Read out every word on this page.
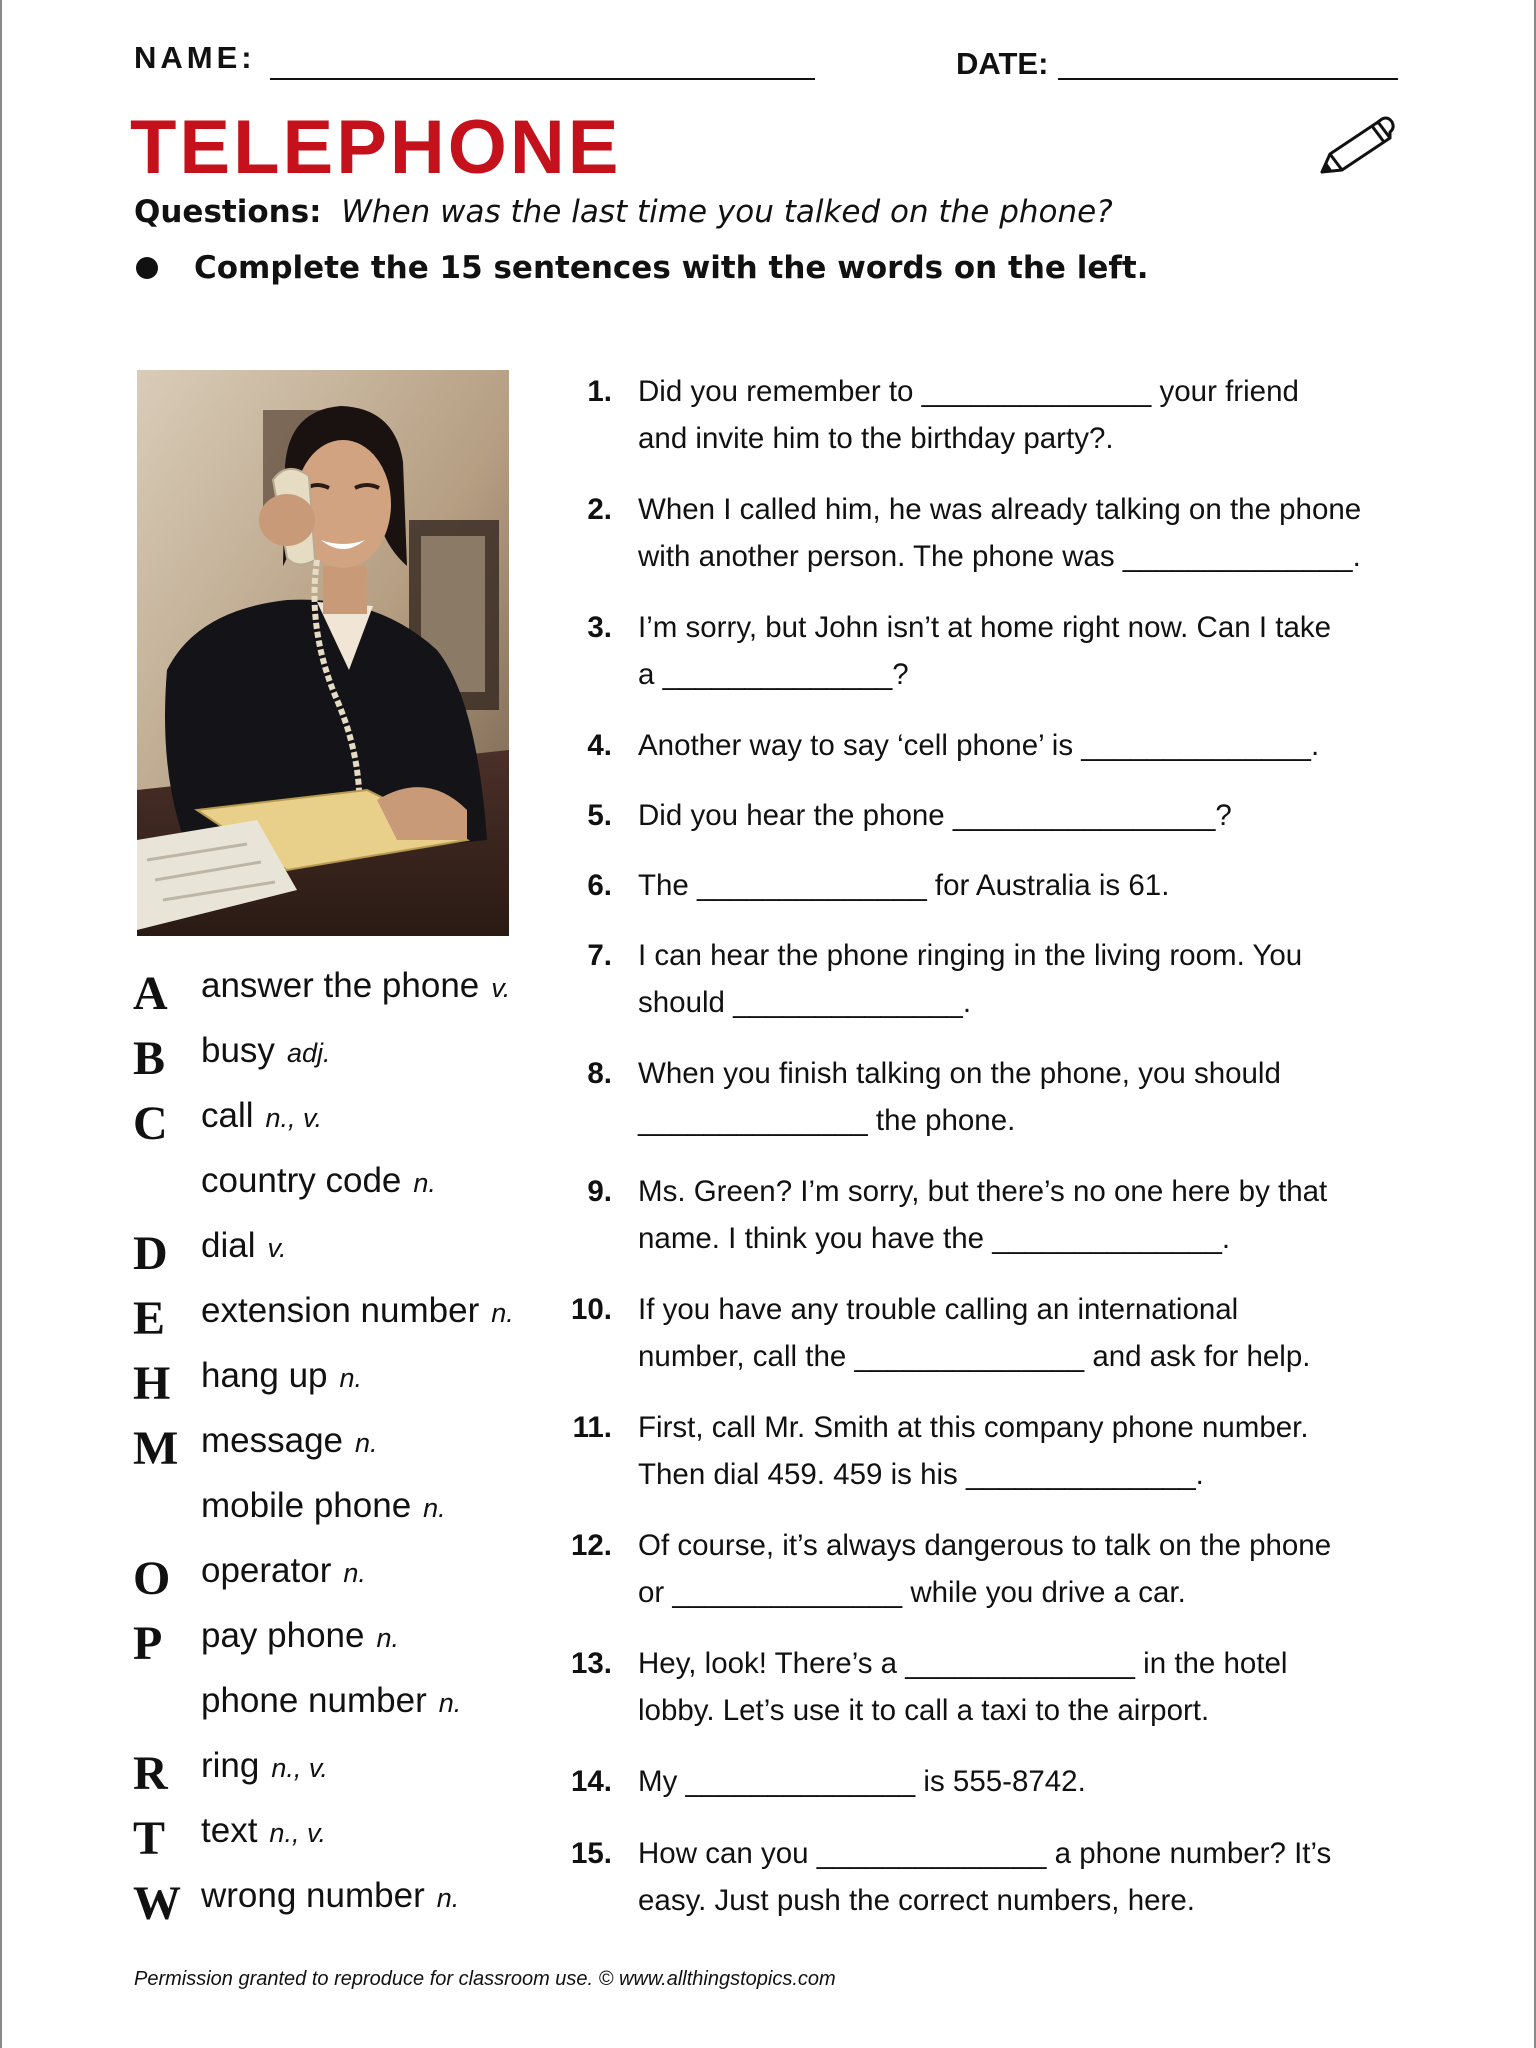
NAME:	DATE:
TELEPHONE
Questions: When was the last time you talked on the phone?
Complete the 15 sentences with the words on the left.
A answer the phone v.
B	busy adj.
C call n., v.
country code n.
D dial v.
E	extension number n.
H hang up n.
M message n.
mobile phone n.
O operator n.
P	pay phone n.
phone number n.
R ring n., v.
T	text n., v.
W wrong number n.
1. Did you remember to ______________ your friend
and invite him to the birthday party?.
2. When I called him, he was already talking on the phone
with another person. The phone was ______________.
3. I’m sorry, but John isn’t at home right now. Can I take
a ______________?
4. Another way to say ‘cell phone’ is ______________.
5. Did you hear the phone ________________?
6. The ______________ for Australia is 61.
7. I can hear the phone ringing in the living room. You
should ______________.
8. When you finish talking on the phone, you should
______________ the phone.
9. Ms. Green? I’m sorry, but there’s no one here by that
name. I think you have the ______________.
10. If you have any trouble calling an international
number, call the ______________ and ask for help.
11. First, call Mr. Smith at this company phone number.
Then dial 459. 459 is his ______________.
12. Of course, it’s always dangerous to talk on the phone
or ______________ while you drive a car.
13. Hey, look! There’s a ______________ in the hotel
lobby. Let’s use it to call a taxi to the airport.
14. My ______________ is 555-8742.
15. How can you ______________ a phone number? It’s
easy. Just push the correct numbers, here.
Permission granted to reproduce for classroom use. © www.allthingstopics.com
